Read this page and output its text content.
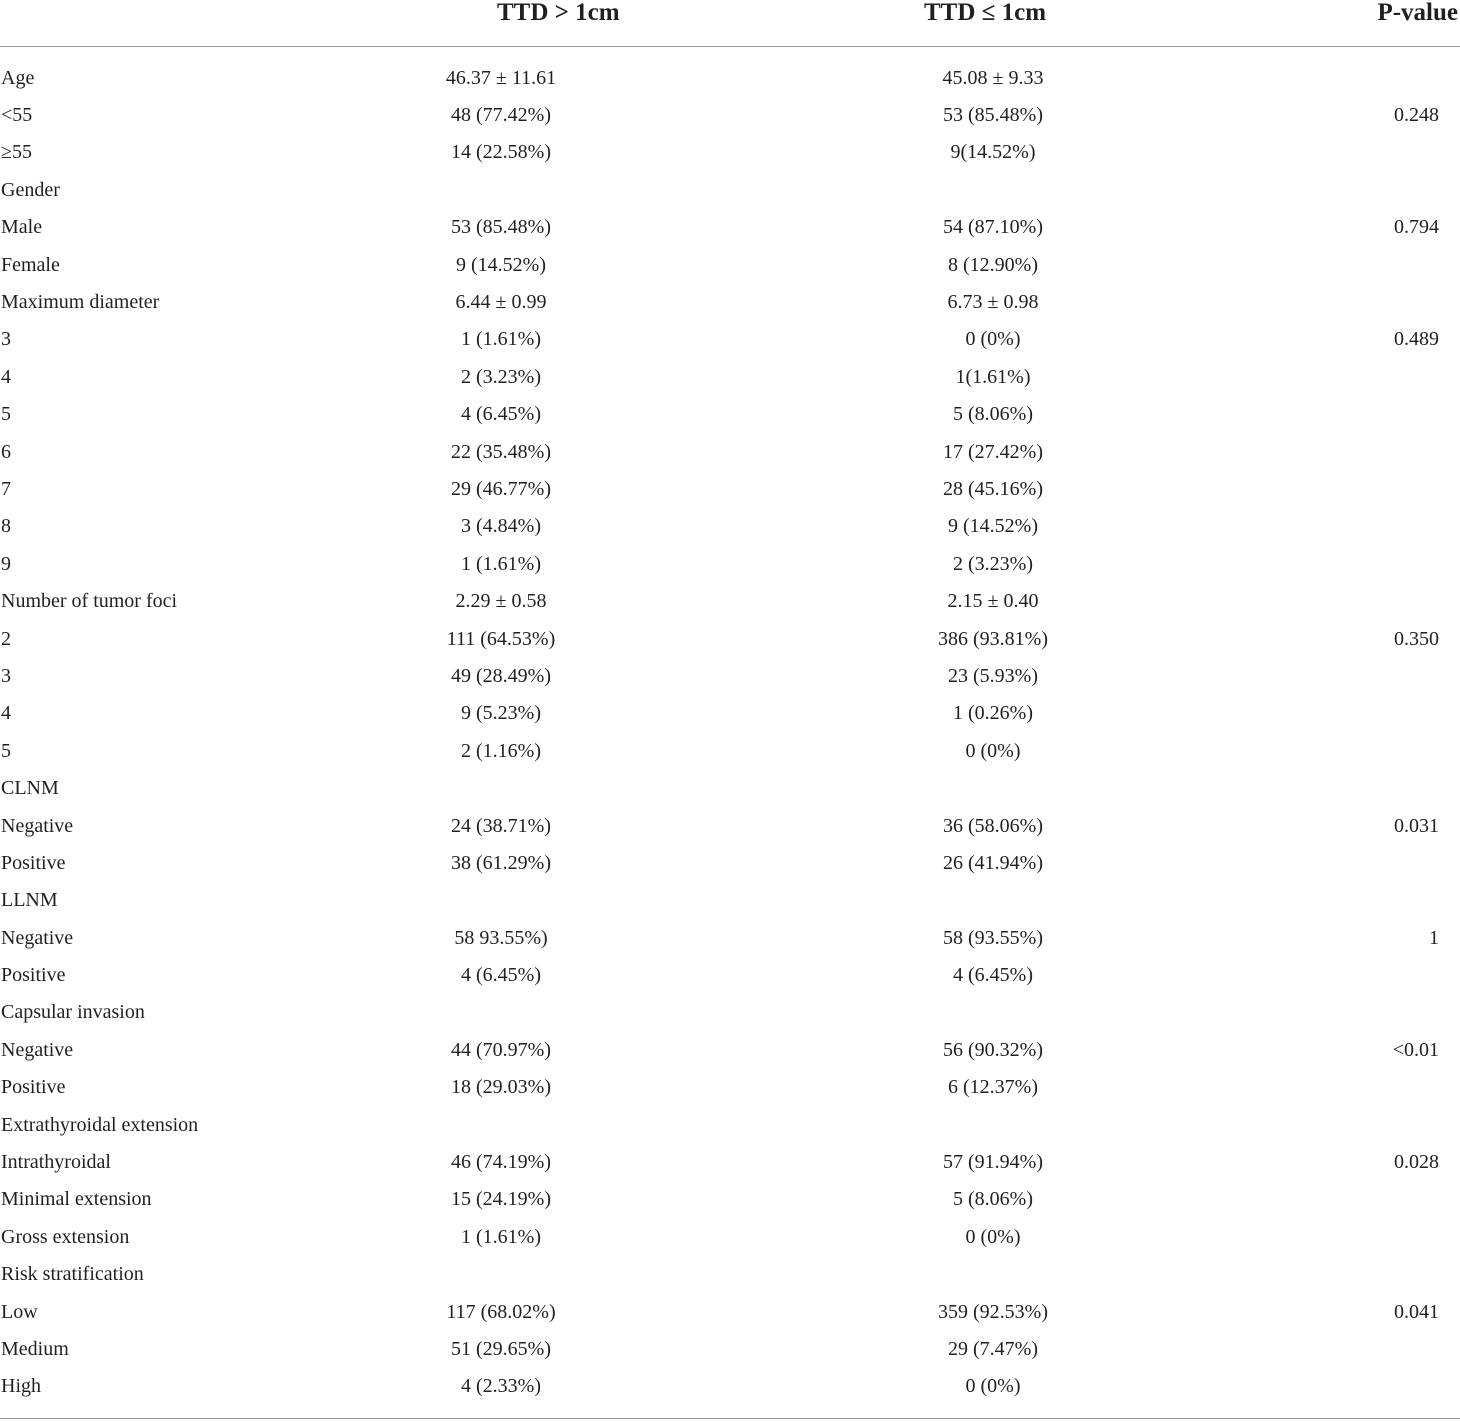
	TTD > 1cm	TTD ≤ 1cm	P-value
Age	46.37 ± 11.61	45.08 ± 9.33	
<55	48 (77.42%)	53 (85.48%)	0.248
≥55	14 (22.58%)	9(14.52%)	
Gender			
Male	53 (85.48%)	54 (87.10%)	0.794
Female	9 (14.52%)	8 (12.90%)	
Maximum diameter	6.44 ± 0.99	6.73 ± 0.98	
3	1 (1.61%)	0 (0%)	0.489
4	2 (3.23%)	1(1.61%)	
5	4 (6.45%)	5 (8.06%)	
6	22 (35.48%)	17 (27.42%)	
7	29 (46.77%)	28 (45.16%)	
8	3 (4.84%)	9 (14.52%)	
9	1 (1.61%)	2 (3.23%)	
Number of tumor foci	2.29 ± 0.58	2.15 ± 0.40	
2	111 (64.53%)	386 (93.81%)	0.350
3	49 (28.49%)	23 (5.93%)	
4	9 (5.23%)	1 (0.26%)	
5	2 (1.16%)	0 (0%)	
CLNM			
Negative	24 (38.71%)	36 (58.06%)	0.031
Positive	38 (61.29%)	26 (41.94%)	
LLNM			
Negative	58 93.55%)	58 (93.55%)	1
Positive	4 (6.45%)	4 (6.45%)	
Capsular invasion			
Negative	44 (70.97%)	56 (90.32%)	<0.01
Positive	18 (29.03%)	6 (12.37%)	
Extrathyroidal extension			
Intrathyroidal	46 (74.19%)	57 (91.94%)	0.028
Minimal extension	15 (24.19%)	5 (8.06%)	
Gross extension	1 (1.61%)	0 (0%)	
Risk stratification			
Low	117 (68.02%)	359 (92.53%)	0.041
Medium	51 (29.65%)	29 (7.47%)	
High	4 (2.33%)	0 (0%)	
